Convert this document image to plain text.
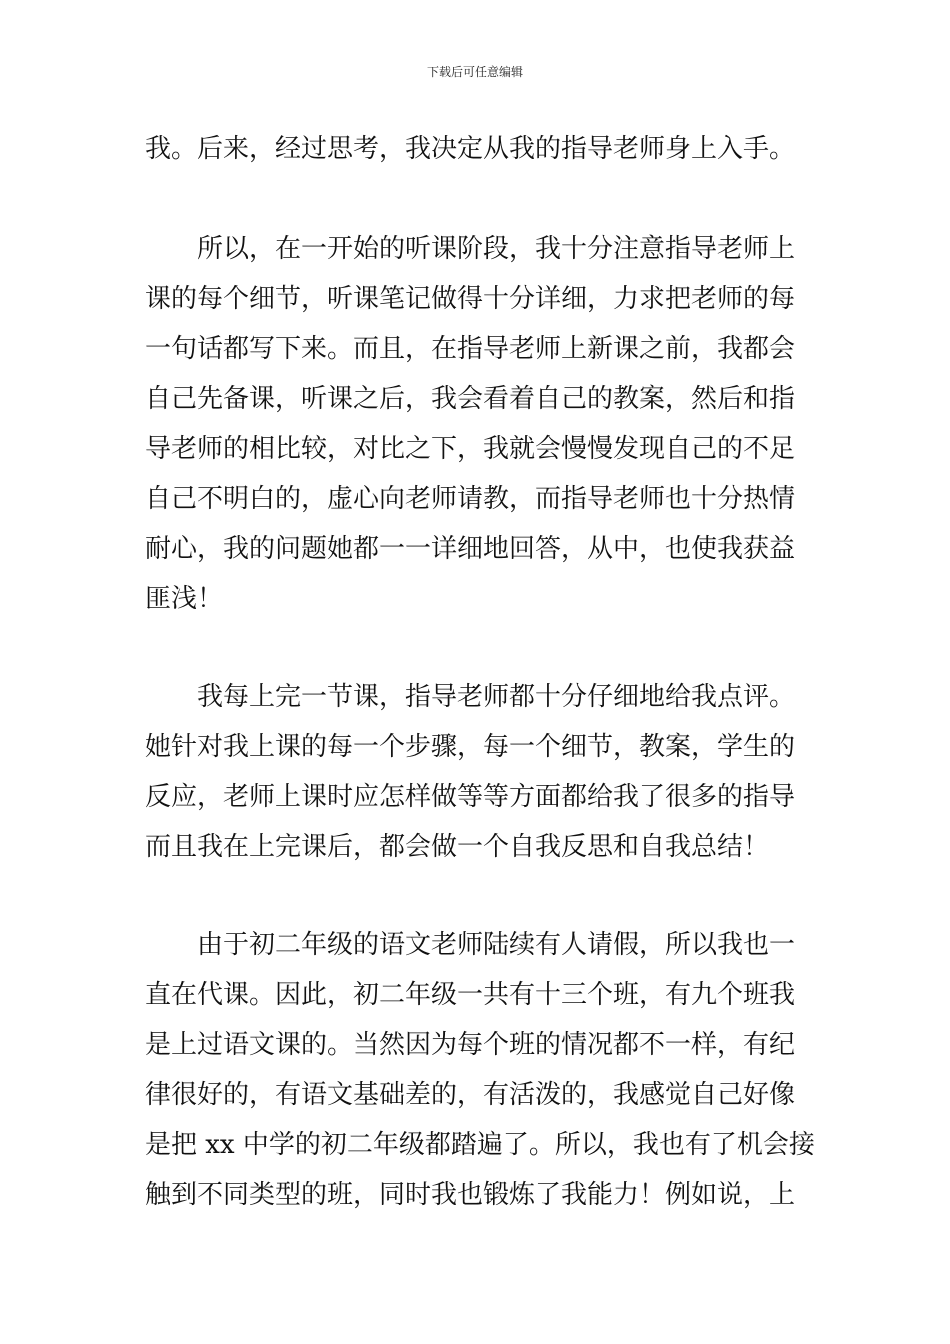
下载后可任意编辑
我。后来，经过思考，我决定从我的指导老师身上入手。
所以，在一开始的听课阶段，我十分注意指导老师上
课的每个细节，听课笔记做得十分详细，力求把老师的每
一句话都写下来。而且，在指导老师上新课之前，我都会
自己先备课，听课之后，我会看着自己的教案，然后和指
导老师的相比较，对比之下，我就会慢慢发现自己的不足
自己不明白的，虚心向老师请教，而指导老师也十分热情
耐心，我的问题她都一一详细地回答，从中，也使我获益
匪浅！
我每上完一节课，指导老师都十分仔细地给我点评。
她针对我上课的每一个步骤，每一个细节，教案，学生的
反应，老师上课时应怎样做等等方面都给我了很多的指导
而且我在上完课后，都会做一个自我反思和自我总结！
由于初二年级的语文老师陆续有人请假，所以我也一
直在代课。因此，初二年级一共有十三个班，有九个班我
是上过语文课的。当然因为每个班的情况都不一样，有纪
律很好的，有语文基础差的，有活泼的，我感觉自己好像
是把 xx 中学的初二年级都踏遍了。所以，我也有了机会接
触到不同类型的班，同时我也锻炼了我能力！例如说，上
